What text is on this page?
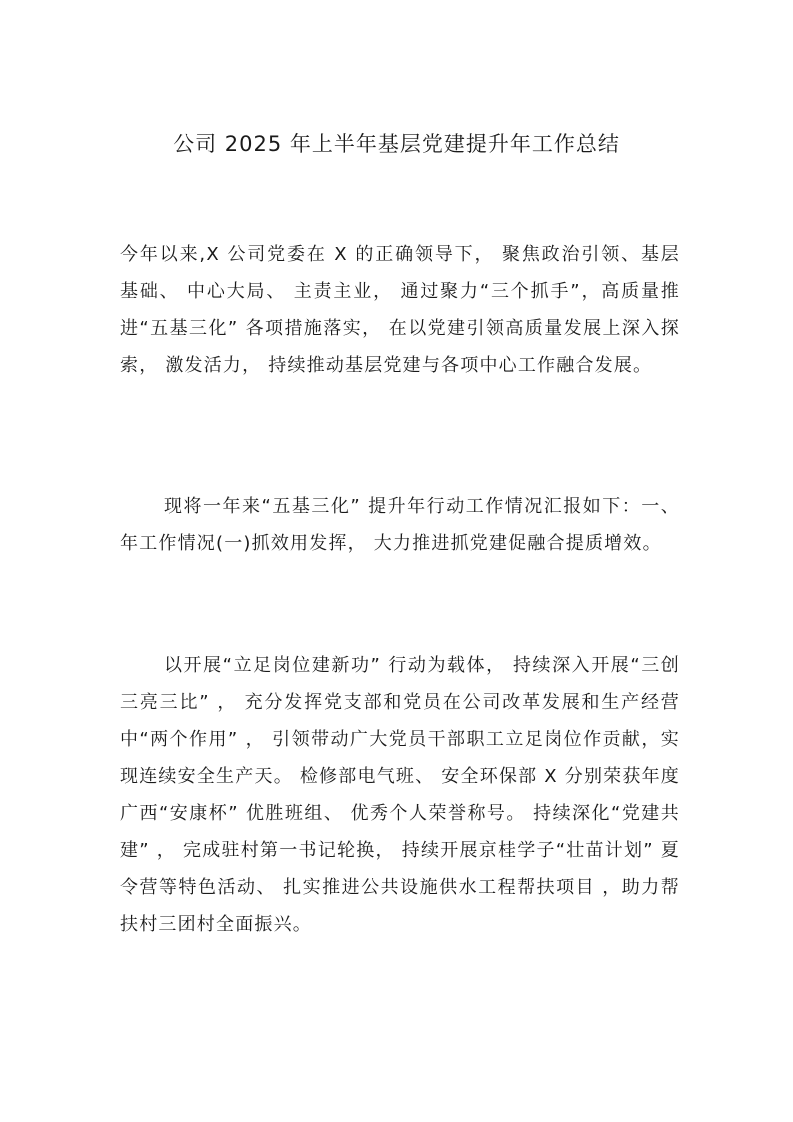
公司 2025 年上半年基层党建提升年工作总结

今年以来,X 公司党委在 X 的正确领导下， 聚焦政治引领、基层基础、 中心大局、 主责主业， 通过聚力“三个抓手”，高质量推进“五基三化” 各项措施落实， 在以党建引领高质量发展上深入探索， 激发活力， 持续推动基层党建与各项中心工作融合发展。

现将一年来“五基三化” 提升年行动工作情况汇报如下：一、 年工作情况(一)抓效用发挥， 大力推进抓党建促融合提质增效。

以开展“立足岗位建新功” 行动为载体， 持续深入开展“三创三亮三比” ， 充分发挥党支部和党员在公司改革发展和生产经营中“两个作用” ， 引领带动广大党员干部职工立足岗位作贡献，实现连续安全生产天。 检修部电气班、 安全环保部 X 分别荣获年度广西“安康杯” 优胜班组、 优秀个人荣誉称号。 持续深化“党建共建” ， 完成驻村第一书记轮换， 持续开展京桂学子“壮苗计划” 夏令营等特色活动、 扎实推进公共设施供水工程帮扶项目 ，助力帮扶村三团村全面振兴。
